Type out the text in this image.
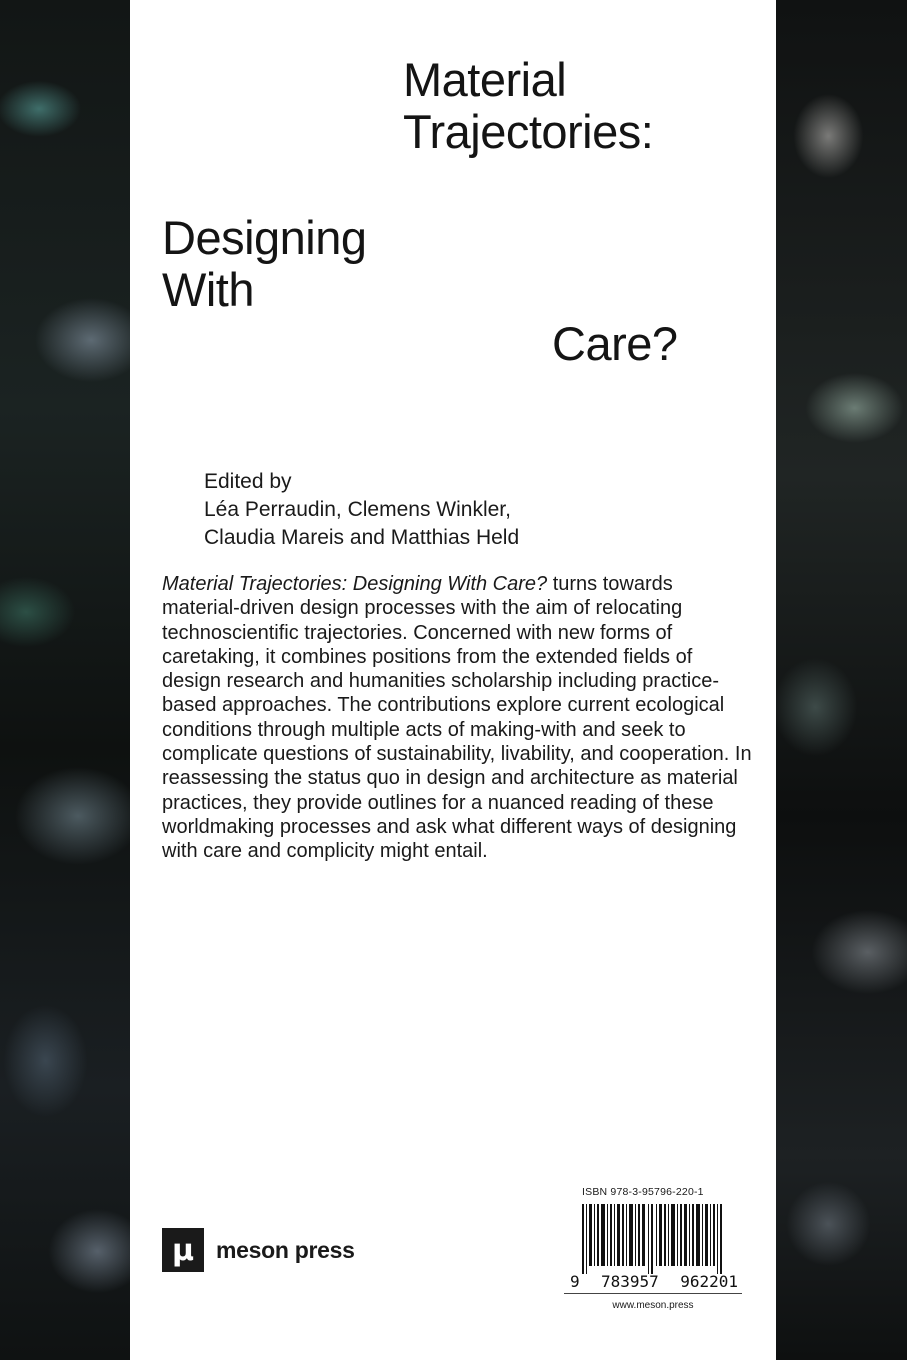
Material
Trajectories:
Designing
With
Care?
Edited by
Léa Perraudin, Clemens Winkler,
Claudia Mareis and Matthias Held

Material Trajectories: Designing With Care? turns towards material-driven design processes with the aim of relocating technoscientific trajectories. Concerned with new forms of caretaking, it combines positions from the extended fields of design research and humanities scholarship including practice-based approaches. The contributions explore current ecological conditions through multiple acts of making-with and seek to complicate questions of sustainability, livability, and cooperation. In reassessing the status quo in design and architecture as material practices, they provide outlines for a nuanced reading of these worldmaking processes and ask what different ways of designing with care and complicity might entail.

µ meson press
ISBN 978-3-95796-220-1
9 783957 962201
www.meson.press
